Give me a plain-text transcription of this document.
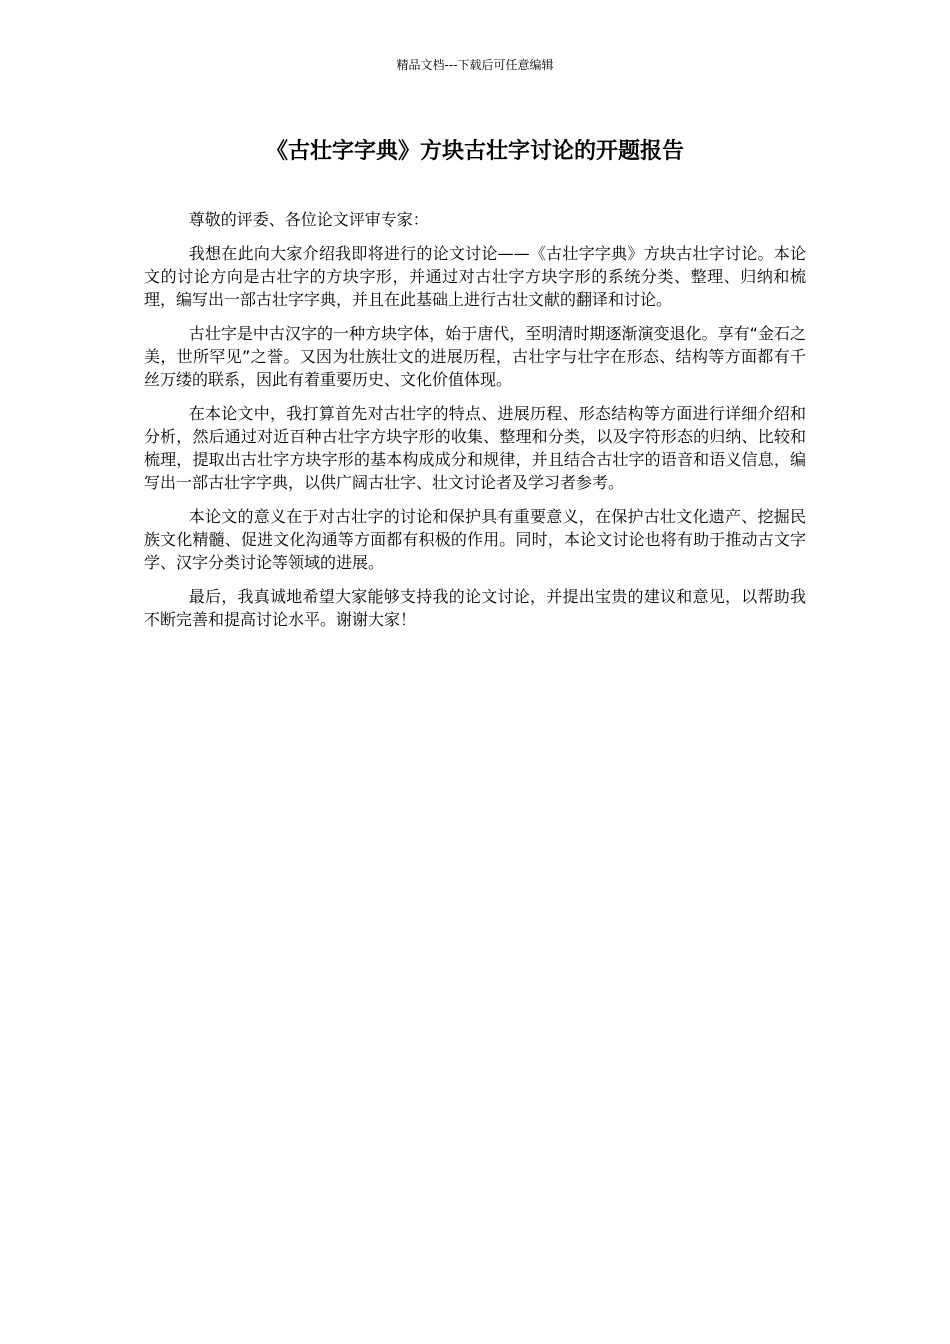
精品文档---下载后可任意编辑
《古壮字字典》方块古壮字讨论的开题报告

尊敬的评委、各位论文评审专家：

我想在此向大家介绍我即将进行的论文讨论——《古壮字字典》方块古壮字讨论。本论文的讨论方向是古壮字的方块字形，并通过对古壮字方块字形的系统分类、整理、归纳和梳理，编写出一部古壮字字典，并且在此基础上进行古壮文献的翻译和讨论。

古壮字是中古汉字的一种方块字体，始于唐代，至明清时期逐渐演变退化。享有“金石之美，世所罕见”之誉。又因为壮族壮文的进展历程，古壮字与壮字在形态、结构等方面都有千丝万缕的联系，因此有着重要历史、文化价值体现。

在本论文中，我打算首先对古壮字的特点、进展历程、形态结构等方面进行详细介绍和分析，然后通过对近百种古壮字方块字形的收集、整理和分类，以及字符形态的归纳、比较和梳理，提取出古壮字方块字形的基本构成成分和规律，并且结合古壮字的语音和语义信息，编写出一部古壮字字典，以供广阔古壮字、壮文讨论者及学习者参考。

本论文的意义在于对古壮字的讨论和保护具有重要意义，在保护古壮文化遗产、挖掘民族文化精髓、促进文化沟通等方面都有积极的作用。同时，本论文讨论也将有助于推动古文字学、汉字分类讨论等领域的进展。

最后，我真诚地希望大家能够支持我的论文讨论，并提出宝贵的建议和意见，以帮助我不断完善和提高讨论水平。谢谢大家！
